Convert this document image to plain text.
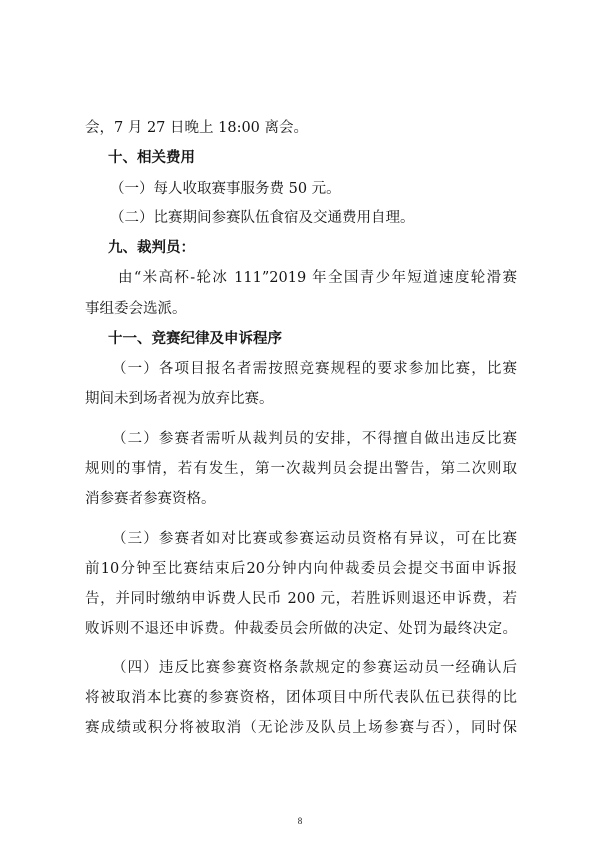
会，7 月 27 日晚上 18:00 离会。
十、相关费用
（一）每人收取赛事服务费 50 元。
（二）比赛期间参赛队伍食宿及交通费用自理。
九、裁判员：
由“米高杯-轮冰 111”2019 年全国青少年短道速度轮滑赛
事组委会选派。
十一、竞赛纪律及申诉程序
（一）各项目报名者需按照竞赛规程的要求参加比赛，比赛
期间未到场者视为放弃比赛。
（二）参赛者需听从裁判员的安排，不得擅自做出违反比赛
规则的事情，若有发生，第一次裁判员会提出警告，第二次则取
消参赛者参赛资格。
（三）参赛者如对比赛或参赛运动员资格有异议，可在比赛
前10分钟至比赛结束后20分钟内向仲裁委员会提交书面申诉报
告，并同时缴纳申诉费人民币 200 元，若胜诉则退还申诉费，若
败诉则不退还申诉费。仲裁委员会所做的决定、处罚为最终决定。
（四）违反比赛参赛资格条款规定的参赛运动员一经确认后
将被取消本比赛的参赛资格，团体项目中所代表队伍已获得的比
赛成绩或积分将被取消（无论涉及队员上场参赛与否），同时保
8
